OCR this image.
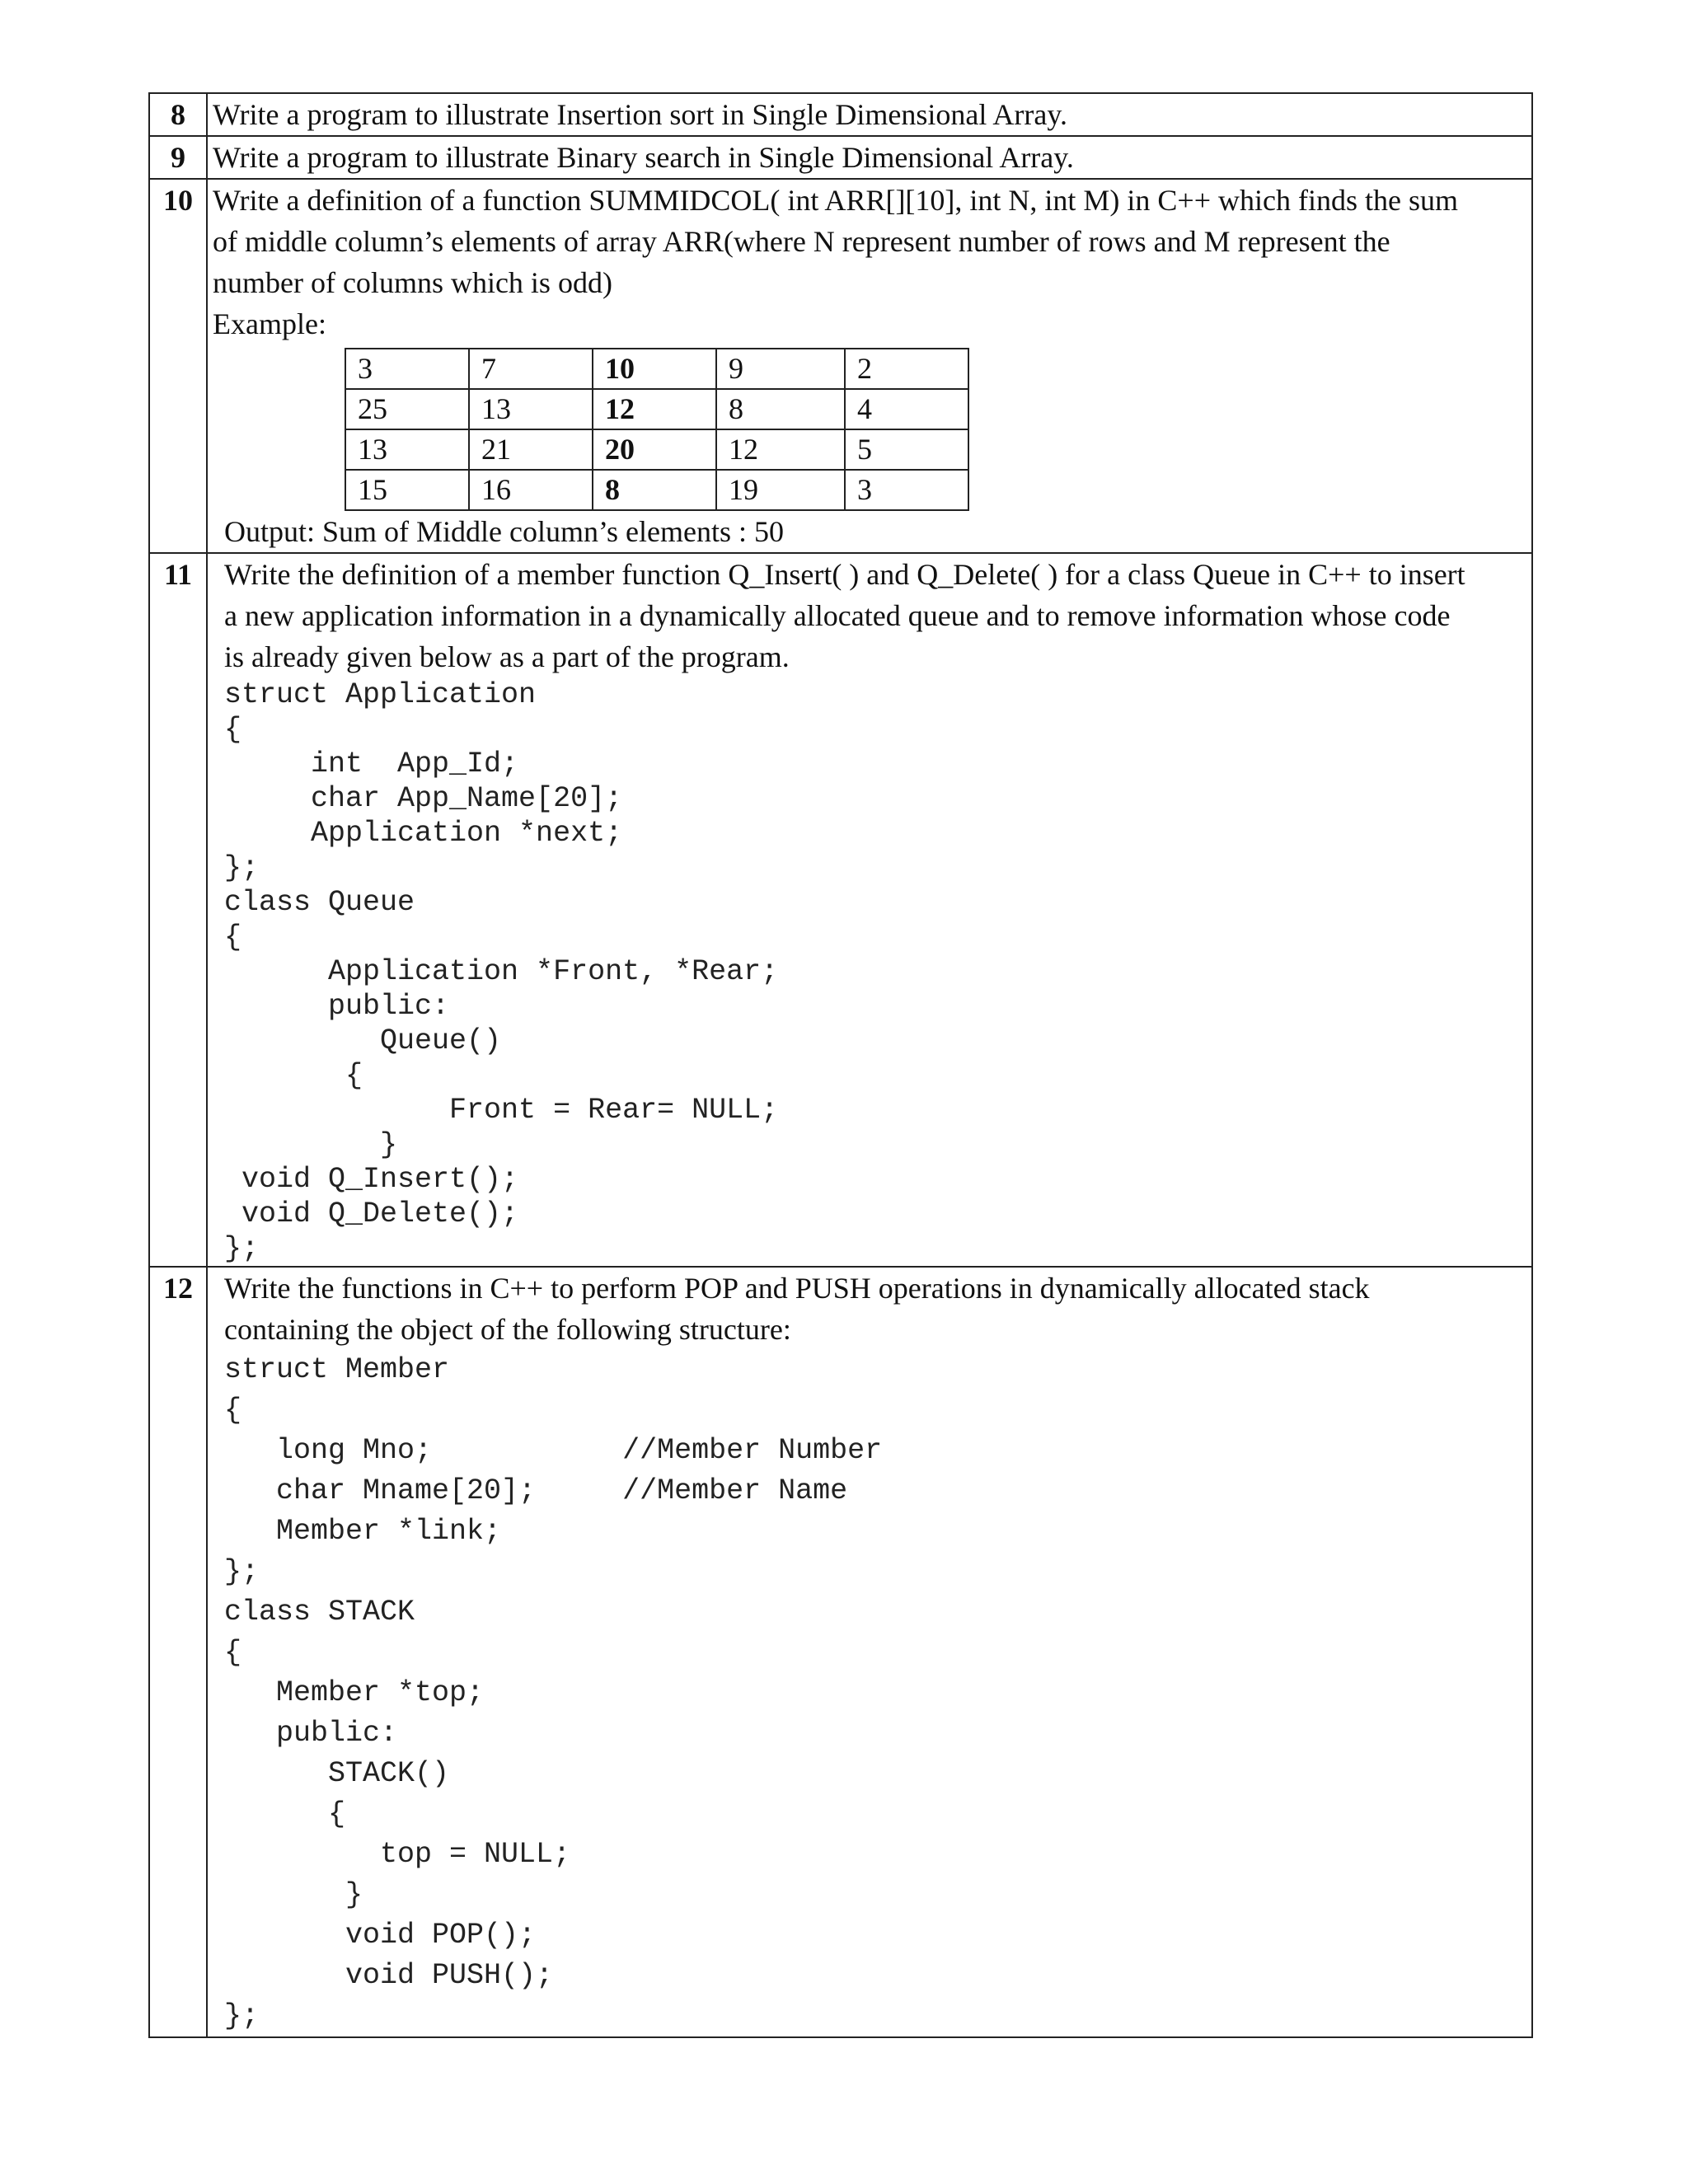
8	Write a program to illustrate Insertion sort in Single Dimensional Array.
9	Write a program to illustrate Binary search in Single Dimensional Array.
10	Write a definition of a function SUMMIDCOL( int ARR[][10], int N, int M) in C++ which finds the sum
of middle column’s elements of array ARR(where N represent number of rows and M represent the
number of columns which is odd)
Example:
3	7	10	9	2
25	13	12	8	4
13	21	20	12	5
15	16	8	19	3
Output: Sum of Middle column’s elements : 50

11	Write the definition of a member function Q_Insert( ) and Q_Delete( ) for a class Queue in C++ to insert
a new application information in a dynamically allocated queue and to remove information whose code
is already given below as a part of the program.
struct Application
{
int  App_Id;
char App_Name[20];
Application *next;
};
class Queue
{
Application *Front, *Rear;
public:
Queue()
{
Front = Rear= NULL;
}
void Q_Insert();
void Q_Delete();
};

12	Write the functions in C++ to perform POP and PUSH operations in dynamically allocated stack
containing the object of the following structure:
struct Member
{
long Mno;           //Member Number
char Mname[20];     //Member Name
Member *link;
};
class STACK
{
Member *top;
public:
STACK()
{
top = NULL;
}
void POP();
void PUSH();
};
